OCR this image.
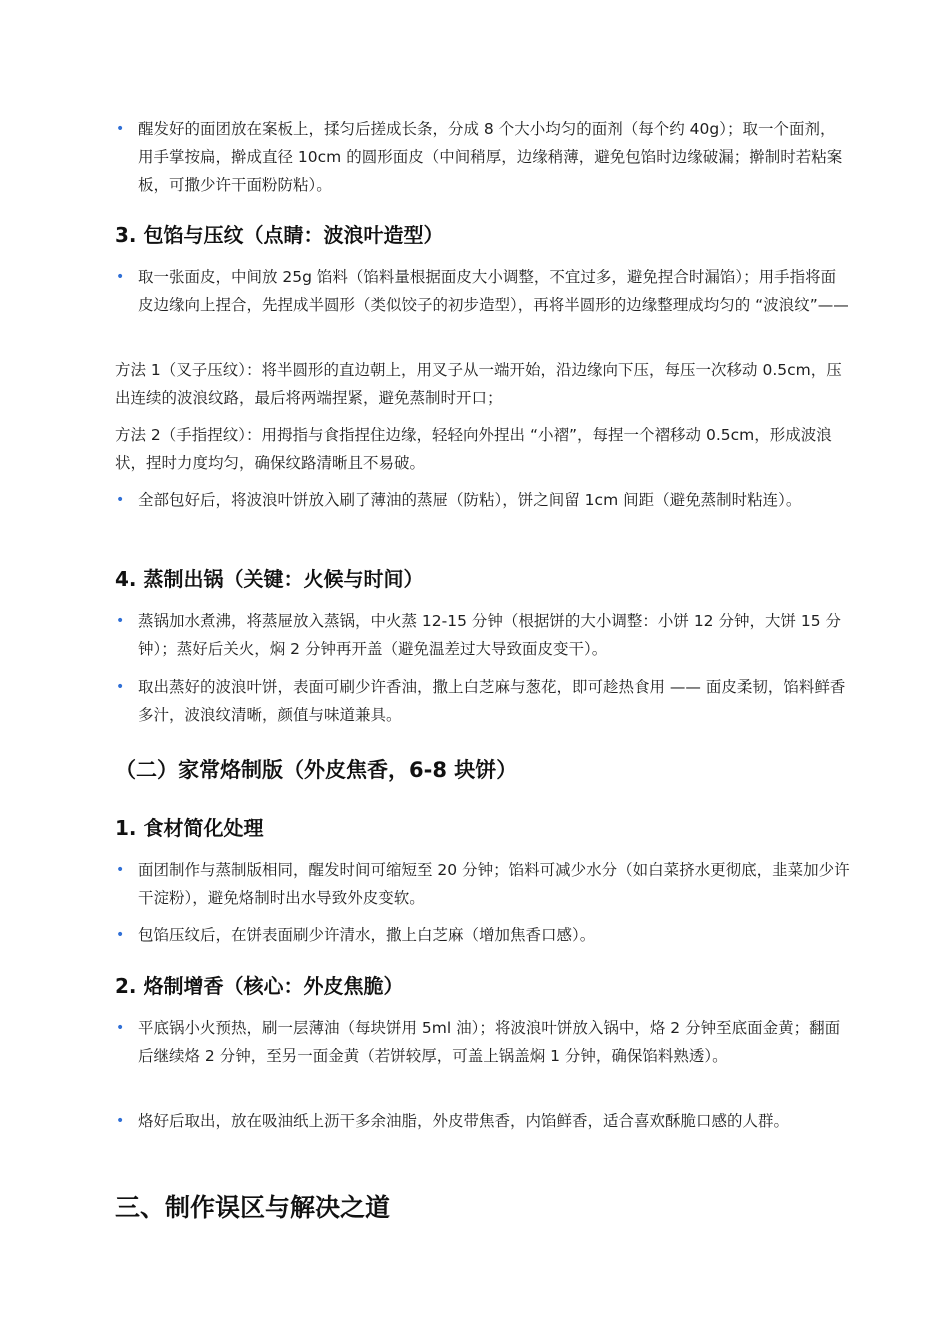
• 醒发好的面团放在案板上，揉匀后搓成长条，分成 8 个大小均匀的面剂（每个约 40g）；取一个面剂，用手掌按扁，擀成直径 10cm 的圆形面皮（中间稍厚，边缘稍薄，避免包馅时边缘破漏；擀制时若粘案板，可撒少许干面粉防粘）。
3. 包馅与压纹（点睛：波浪叶造型）
• 取一张面皮，中间放 25g 馅料（馅料量根据面皮大小调整，不宜过多，避免捏合时漏馅）；用手指将面皮边缘向上捏合，先捏成半圆形（类似饺子的初步造型），再将半圆形的边缘整理成均匀的 “波浪纹”——
方法 1（叉子压纹）：将半圆形的直边朝上，用叉子从一端开始，沿边缘向下压，每压一次移动 0.5cm，压出连续的波浪纹路，最后将两端捏紧，避免蒸制时开口；
方法 2（手指捏纹）：用拇指与食指捏住边缘，轻轻向外捏出 “小褶”，每捏一个褶移动 0.5cm，形成波浪状，捏时力度均匀，确保纹路清晰且不易破。
• 全部包好后，将波浪叶饼放入刷了薄油的蒸屉（防粘），饼之间留 1cm 间距（避免蒸制时粘连）。
4. 蒸制出锅（关键：火候与时间）
• 蒸锅加水煮沸，将蒸屉放入蒸锅，中火蒸 12-15 分钟（根据饼的大小调整：小饼 12 分钟，大饼 15 分钟）；蒸好后关火，焖 2 分钟再开盖（避免温差过大导致面皮变干）。
• 取出蒸好的波浪叶饼，表面可刷少许香油，撒上白芝麻与葱花，即可趁热食用 —— 面皮柔韧，馅料鲜香多汁，波浪纹清晰，颜值与味道兼具。
（二）家常烙制版（外皮焦香，6-8 块饼）
1. 食材简化处理
• 面团制作与蒸制版相同，醒发时间可缩短至 20 分钟；馅料可减少水分（如白菜挤水更彻底，韭菜加少许干淀粉），避免烙制时出水导致外皮变软。
• 包馅压纹后，在饼表面刷少许清水，撒上白芝麻（增加焦香口感）。
2. 烙制增香（核心：外皮焦脆）
• 平底锅小火预热，刷一层薄油（每块饼用 5ml 油）；将波浪叶饼放入锅中，烙 2 分钟至底面金黄；翻面后继续烙 2 分钟，至另一面金黄（若饼较厚，可盖上锅盖焖 1 分钟，确保馅料熟透）。
• 烙好后取出，放在吸油纸上沥干多余油脂，外皮带焦香，内馅鲜香，适合喜欢酥脆口感的人群。
三、制作误区与解决之道
